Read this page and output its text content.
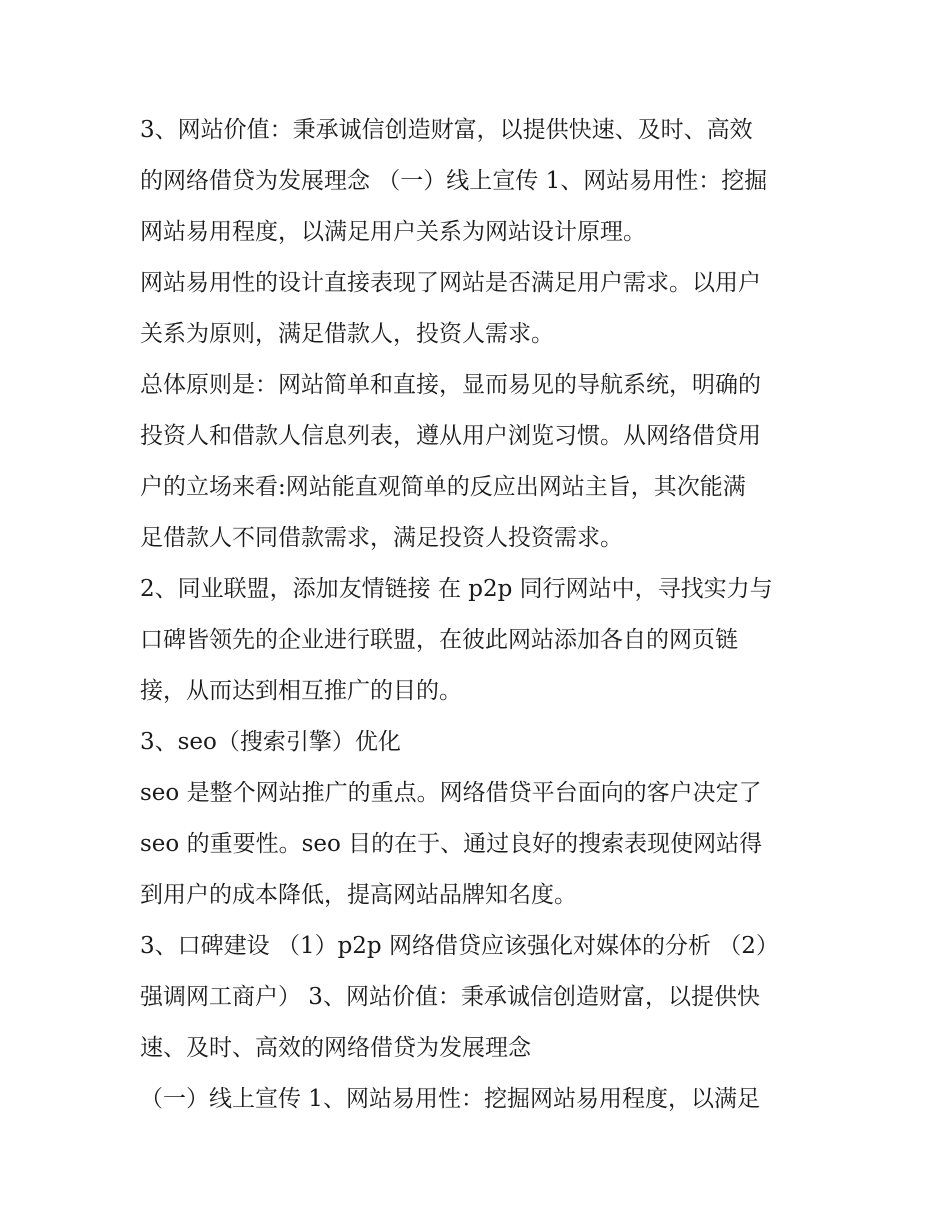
3、网站价值：秉承诚信创造财富，以提供快速、及时、高效
的网络借贷为发展理念 （一）线上宣传 1、网站易用性：挖掘
网站易用程度，以满足用户关系为网站设计原理。
网站易用性的设计直接表现了网站是否满足用户需求。以用户
关系为原则，满足借款人，投资人需求。
总体原则是：网站简单和直接，显而易见的导航系统，明确的
投资人和借款人信息列表，遵从用户浏览习惯。从网络借贷用
户的立场来看:网站能直观简单的反应出网站主旨，其次能满
足借款人不同借款需求，满足投资人投资需求。
2、同业联盟，添加友情链接 在 p2p 同行网站中，寻找实力与
口碑皆领先的企业进行联盟，在彼此网站添加各自的网页链
接，从而达到相互推广的目的。
3、seo（搜索引擎）优化
seo 是整个网站推广的重点。网络借贷平台面向的客户决定了
seo 的重要性。seo 目的在于、通过良好的搜索表现使网站得
到用户的成本降低，提高网站品牌知名度。
3、口碑建设 （1）p2p 网络借贷应该强化对媒体的分析 （2）
强调网工商户） 3、网站价值：秉承诚信创造财富，以提供快
速、及时、高效的网络借贷为发展理念
（一）线上宣传 1、网站易用性：挖掘网站易用程度，以满足
